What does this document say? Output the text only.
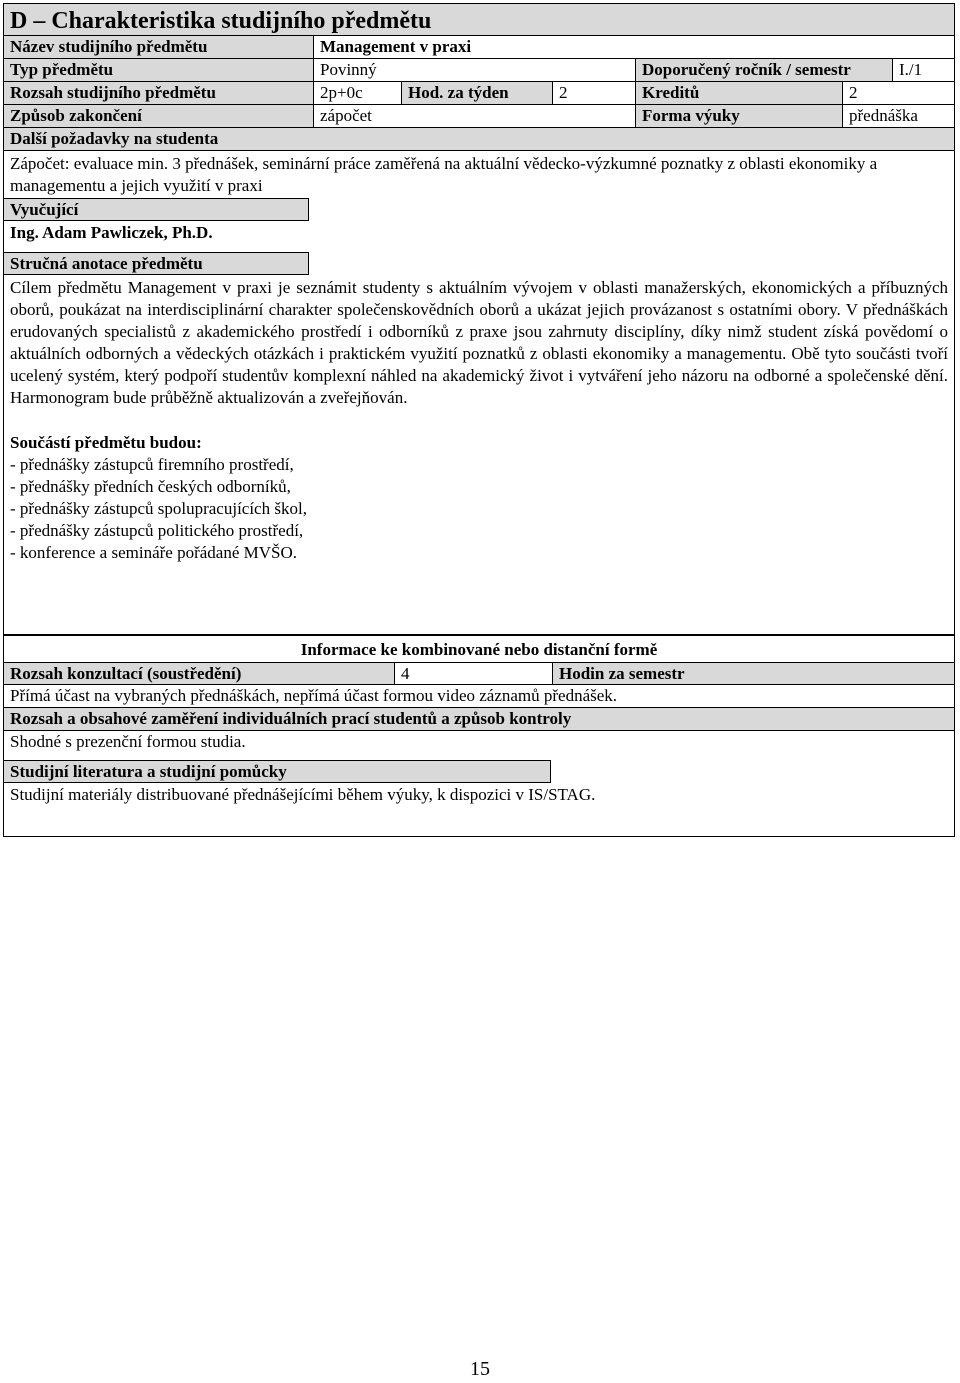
D – Charakteristika studijního předmětu
Název studijního předmětu	Management v praxi
Typ předmětu	Povinný	Doporučený ročník / semestr	I./1
Rozsah studijního předmětu	2p+0c	Hod. za týden	2	Kreditů	2
Způsob zakončení	zápočet	Forma výuky	přednáška
Další požadavky na studenta
Zápočet: evaluace min. 3 přednášek, seminární práce zaměřená na aktuální vědecko-výzkumné poznatky z oblasti ekonomiky a managementu a jejich využití v praxi
Vyučující
Ing. Adam Pawliczek, Ph.D.
Stručná anotace předmětu
Cílem předmětu Management v praxi je seznámit studenty s aktuálním vývojem v oblasti manažerských, ekonomických a příbuzných oborů, poukázat na interdisciplinární charakter společenskovědních oborů a ukázat jejich provázanost s ostatními obory. V přednáškách erudovaných specialistů z akademického prostředí i odborníků z praxe jsou zahrnuty disciplíny, díky nimž student získá povědomí o aktuálních odborných a vědeckých otázkách i praktickém využití poznatků z oblasti ekonomiky a managementu. Obě tyto součásti tvoří ucelený systém, který podpoří studentův komplexní náhled na akademický život i vytváření jeho názoru na odborné a společenské dění. Harmonogram bude průběžně aktualizován a zveřejňován.
Součástí předmětu budou:
- přednášky zástupců firemního prostředí,
- přednášky předních českých odborníků,
- přednášky zástupců spolupracujících škol,
- přednášky zástupců politického prostředí,
- konference a semináře pořádané MVŠO.
Informace ke kombinované nebo distanční formě
Rozsah konzultací (soustředění)	4	Hodin za semestr
Přímá účast na vybraných přednáškách, nepřímá účast formou video záznamů přednášek.
Rozsah a obsahové zaměření individuálních prací studentů a způsob kontroly
Shodné s prezenční formou studia.
Studijní literatura a studijní pomůcky
Studijní materiály distribuované přednášejícími během výuky, k dispozici v IS/STAG.
15
